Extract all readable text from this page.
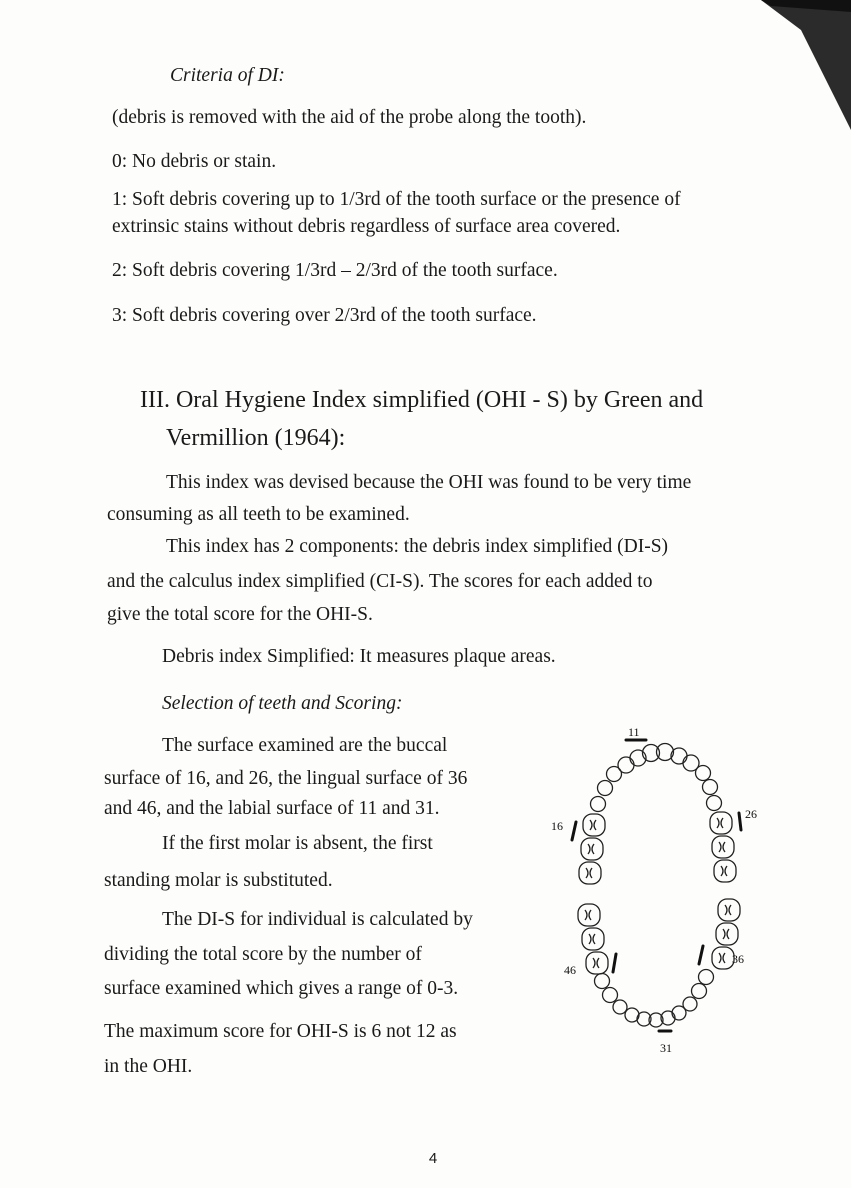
Criteria of DI:

(debris is removed with the aid of the probe along the tooth).

0: No debris or stain.

1: Soft debris covering up to 1/3rd of the tooth surface or the presence of

extrinsic stains without debris regardless of surface area covered.

2: Soft debris covering 1/3rd – 2/3rd of the tooth surface.

3: Soft debris covering over 2/3rd of the tooth surface.

III. Oral Hygiene Index simplified (OHI - S) by Green and

Vermillion (1964):

This index was devised because the OHI was found to be very time

consuming as all teeth to be examined.

This index has 2 components: the debris index simplified (DI-S)

and the calculus index simplified (CI-S). The scores for each added to

give the total score for the OHI-S.

Debris index Simplified: It measures plaque areas.

Selection of teeth and Scoring:

The surface examined are the buccal

surface of 16, and 26, the lingual surface of 36

and 46, and the labial surface of 11 and 31.

If the first molar is absent, the first

standing molar is substituted.

The DI-S for individual is calculated by

dividing the total score by the number of

surface examined which gives a range of 0-3.

The maximum score for OHI-S is 6 not 12 as

in the OHI.

11
16
26
46
36
31
4
